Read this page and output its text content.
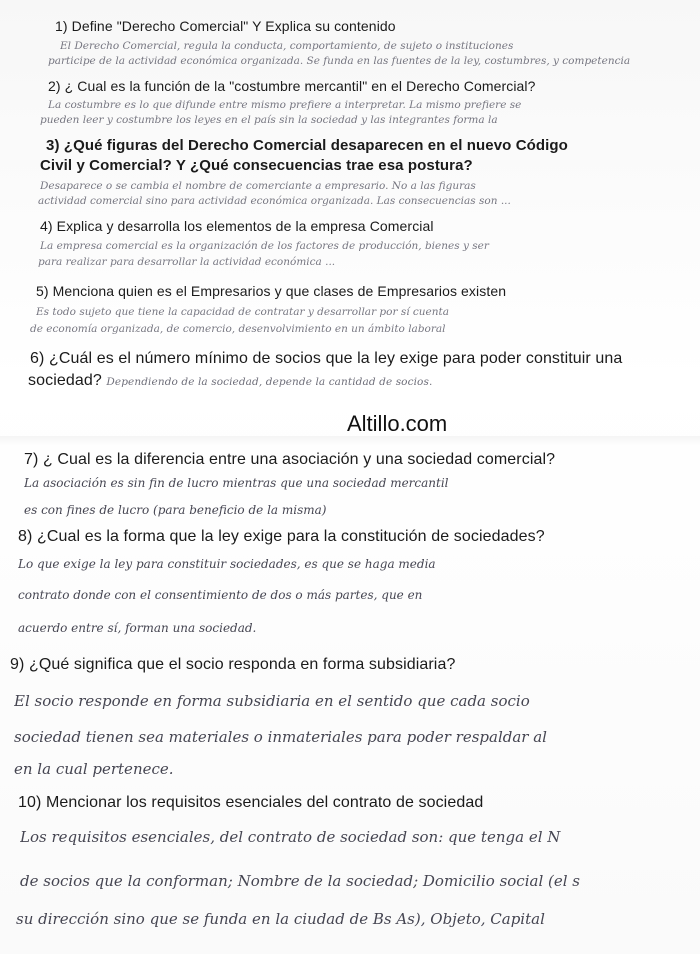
1) Define "Derecho Comercial" Y Explica su contenido

El Derecho Comercial, regula la conducta, comportamiento, de sujeto o instituciones

participe de la actividad económica organizada. Se funda en las fuentes de la ley, costumbres, y competencia

2) ¿ Cual es la función de la "costumbre mercantil" en el Derecho Comercial?

La costumbre es lo que difunde entre mismo prefiere a interpretar. La mismo prefiere se

pueden leer y costumbre los leyes en el país sin la sociedad y las integrantes forma la

3) ¿Qué figuras del Derecho Comercial desaparecen en el nuevo Código

Civil y Comercial? Y ¿Qué consecuencias trae esa postura?

Desaparece o se cambia el nombre de comerciante a empresario. No a las figuras

actividad comercial sino para actividad económica organizada. Las consecuencias son ...

4) Explica y desarrolla los elementos de la empresa Comercial

La empresa comercial es la organización de los factores de producción, bienes y ser

para realizar para desarrollar la actividad económica ...

5) Menciona quien es el Empresarios y que clases de Empresarios existen

Es todo sujeto que tiene la capacidad de contratar y desarrollar por sí cuenta

de economía organizada, de comercio, desenvolvimiento en un ámbito laboral

6) ¿Cuál es el número mínimo de socios que la ley exige para poder constituir una

sociedad? Dependiendo de la sociedad, depende la cantidad de socios.

Altillo.com

7) ¿ Cual es la diferencia entre una asociación y una sociedad comercial?

La asociación es sin fin de lucro mientras que una sociedad mercantil

es con fines de lucro (para beneficio de la misma)

8) ¿Cual es la forma que la ley exige para la constitución de sociedades?

Lo que exige la ley para constituir sociedades, es que se haga media

contrato donde con el consentimiento de dos o más partes, que en

acuerdo entre sí, forman una sociedad.

9) ¿Qué significa que el socio responda en forma subsidiaria?

El socio responde en forma subsidiaria en el sentido que cada socio

sociedad tienen sea materiales o inmateriales para poder respaldar al

en la cual pertenece.

10) Mencionar los requisitos esenciales del contrato de sociedad

Los requisitos esenciales, del contrato de sociedad son: que tenga el N

de socios que la conforman; Nombre de la sociedad; Domicilio social (el s

su dirección sino que se funda en la ciudad de Bs As), Objeto, Capital
